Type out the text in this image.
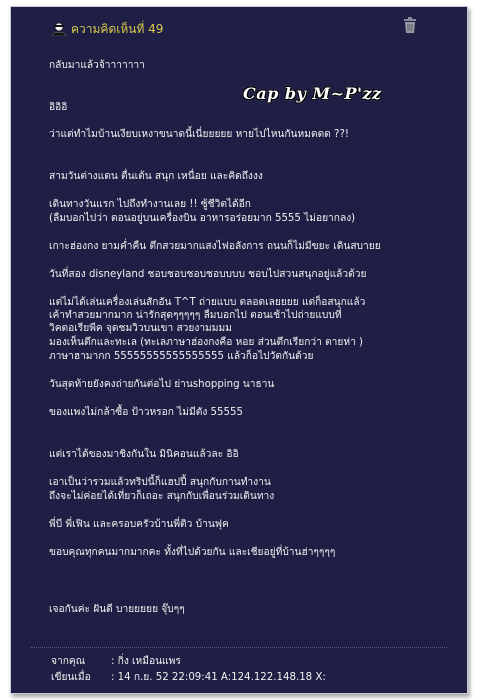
ความคิดเห็นที่ 49
Cap by M~P'zz
กลับมาแล้วจ้าาาาาาา
อิอิอิ
ว่าแต่ทำไมบ้านเงียบเหงาขนาดนี้เนี่ยยยยย หายไปไหนกันหมดดด ??!
สามวันต่างแดน ตื่นเต้น สนุก เหนื่อย และคิดถึงงง
เดินทางวันแรก ไปถึงทำงานเลย !! ซู้ชีวิตได้อีก
(ลืมบอกไปว่า ตอนอยู่บนเครื่องบิน อาหารอร่อยมาก 5555 ไม่อยากลง)
เกาะฮ่องกง ยามค่ำคืน ตึกสวยมากแสงไฟอลังการ ถนนก็ไม่มีขยะ เดินสบายย
วันที่สอง disneyland ชอบชอบชอบชอบบบบ ชอบไปสวนสนุกอยู่แล้วด้วย
แต่ไม่ได้เล่นเครื่องเล่นสักอัน T^T ถ่ายแบบ ตลอดเลยยยย แต่ก็อสนุกแล้ว
เค้าทำสวยมากมาก น่ารักสุดๆๆๆๆๆ ลืมบอกไป ตอนเช้าไปถ่ายแบบที่
วิคตอเรียพีค จุดชมวิวบนเขา สวยงามมมม
มองเห็นตึกและทะเล (ทะเลภาษาฮ่องกงคือ หอย ส่วนตึกเรียกว่า ตายห่า )
ภาษาฮามากก 55555555555555555 แล้วก็อไปวัดกันด้วย
วันสุดท้ายยังคงถ่ายกันต่อไป ย่านshopping นาธาน
ของแพงไม่กล้าซื้อ ป้าวหรอก ไม่มีตัง 55555
แต่เราได้ของมาชิงกันใน มินิคอนแล้วละ อิอิ
เอาเป็นว่ารวมแล้วทริปนี้ก็แฮปปี้ สนุกกับกานทำงาน
ถึงจะไม่ค่อยได้เที่ยวก็เถอะ สนุกกับเพื่อนร่วมเดินทาง
พี่บี พี่เฟิน และครอบครัวบ้านพี่ติว บ้านฟุค
ขอบคุณทุกคนมากมากคะ ทั้งที่ไปด้วยกัน และเชียอยู่ที่บ้านฮ่าๆๆๆๆ
เจอกันค่ะ ฝันดี บายยยยย จุ๊บๆๆ
จากคุณ	: กิ่ง เหมือนแพร
เขียนเมื่อ : 14 ก.ย. 52 22:09:41 A:124.122.148.18 X:
